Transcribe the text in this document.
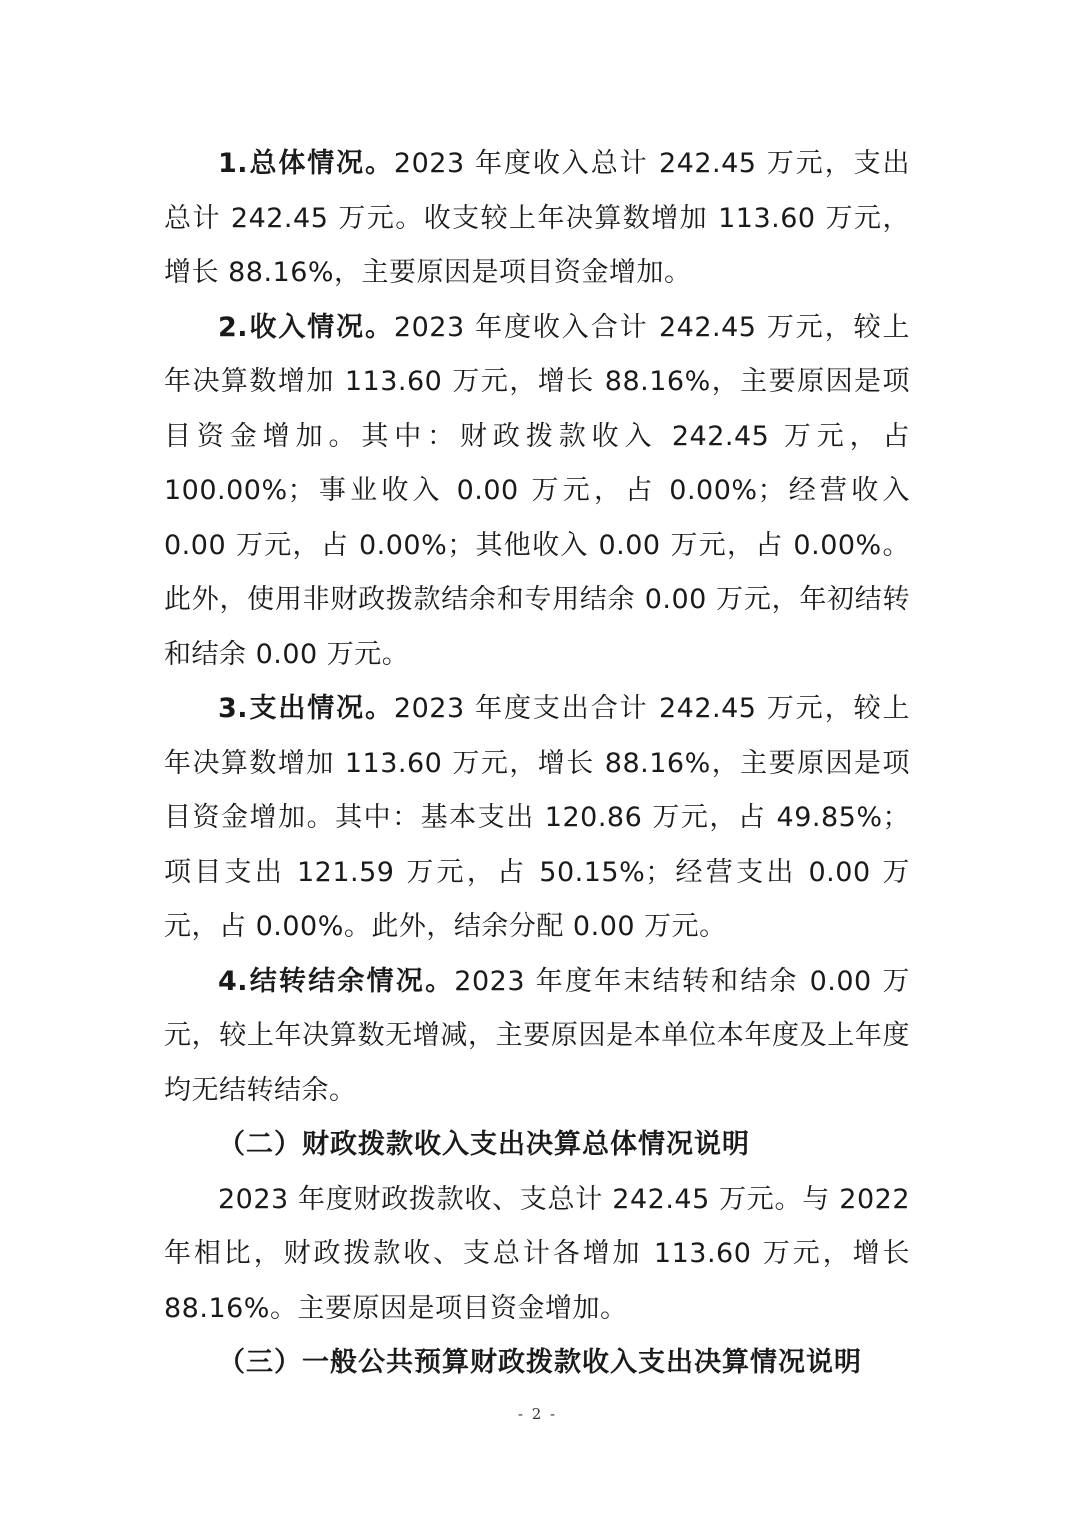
1.总体情况。2023 年度收入总计 242.45 万元，支出总计 242.45 万元。收支较上年决算数增加 113.60 万元，增长 88.16%，主要原因是项目资金增加。

2.收入情况。2023 年度收入合计 242.45 万元，较上年决算数增加 113.60 万元，增长 88.16%，主要原因是项目资金增加。其中：财政拨款收入 242.45 万元，占 100.00%；事业收入 0.00 万元，占 0.00%；经营收入 0.00 万元，占 0.00%；其他收入 0.00 万元，占 0.00%。此外，使用非财政拨款结余和专用结余 0.00 万元，年初结转和结余 0.00 万元。

3.支出情况。2023 年度支出合计 242.45 万元，较上年决算数增加 113.60 万元，增长 88.16%，主要原因是项目资金增加。其中：基本支出 120.86 万元，占 49.85%；项目支出 121.59 万元，占 50.15%；经营支出 0.00 万元，占 0.00%。此外，结余分配 0.00 万元。

4.结转结余情况。2023 年度年末结转和结余 0.00 万元，较上年决算数无增减，主要原因是本单位本年度及上年度均无结转结余。

（二）财政拨款收入支出决算总体情况说明

2023 年度财政拨款收、支总计 242.45 万元。与 2022 年相比，财政拨款收、支总计各增加 113.60 万元，增长 88.16%。主要原因是项目资金增加。

（三）一般公共预算财政拨款收入支出决算情况说明

- 2 -
